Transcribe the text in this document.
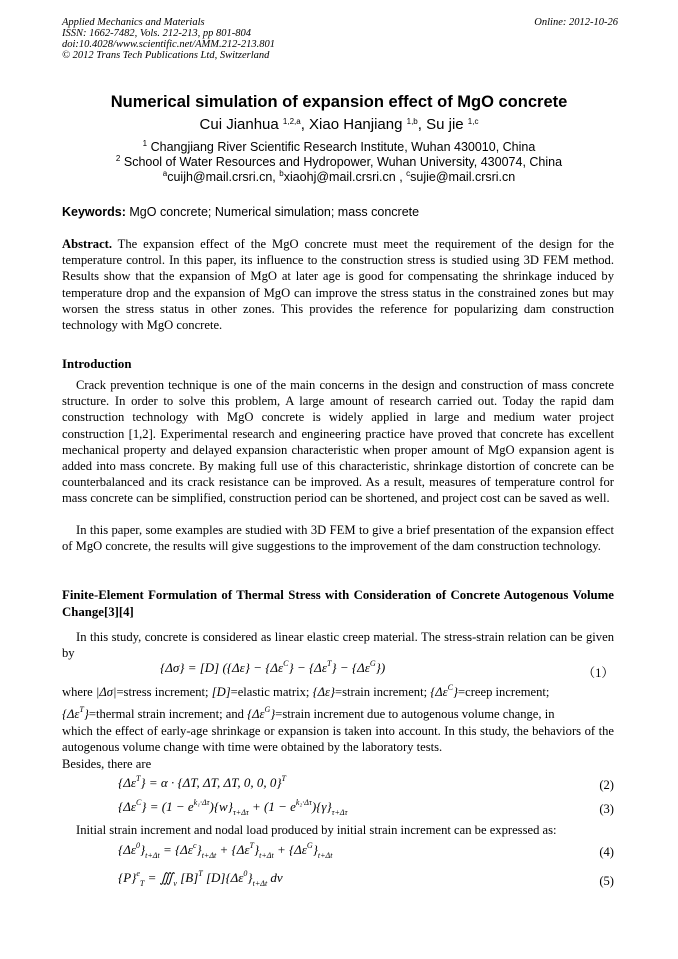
Applied Mechanics and Materials
ISSN: 1662-7482, Vols. 212-213, pp 801-804
doi:10.4028/www.scientific.net/AMM.212-213.801
© 2012 Trans Tech Publications Ltd, Switzerland
Online: 2012-10-26
Numerical simulation of expansion effect of MgO concrete
Cui Jianhua $^{1,2,a}$, Xiao Hanjiang $^{1,b}$, Su jie $^{1,c}$
$^1$ Changjiang River Scientific Research Institute, Wuhan 430010, China
$^2$ School of Water Resources and Hydropower, Wuhan University, 430074, China
$^a$cuijh@mail.crsri.cn, $^b$xiaohj@mail.crsri.cn , $^c$sujie@mail.crsri.cn
Keywords: MgO concrete; Numerical simulation; mass concrete
Abstract. The expansion effect of the MgO concrete must meet the requirement of the design for the temperature control. In this paper, its influence to the construction stress is studied using 3D FEM method. Results show that the expansion of MgO at later age is good for compensating the shrinkage induced by temperature drop and the expansion of MgO can improve the stress status in the constrained zones but may worsen the stress status in other zones. This provides the reference for popularizing dam construction technology with MgO concrete.
Introduction
Crack prevention technique is one of the main concerns in the design and construction of mass concrete structure. In order to solve this problem, A large amount of research carried out. Today the rapid dam construction technology with MgO concrete is widely applied in large and medium water project construction [1,2]. Experimental research and engineering practice have proved that concrete has excellent mechanical property and delayed expansion characteristic when proper amount of MgO expansion agent is added into mass concrete. By making full use of this characteristic, shrinkage distortion of concrete can be counterbalanced and its crack resistance can be improved. As a result, measures of temperature control for mass concrete can be simplified, construction period can be shortened, and project cost can be saved as well.
In this paper, some examples are studied with 3D FEM to give a brief presentation of the expansion effect of MgO concrete, the results will give suggestions to the improvement of the dam construction technology.
Finite-Element Formulation of Thermal Stress with Consideration of Concrete Autogenous Volume Change[3][4]
In this study, concrete is considered as linear elastic creep material. The stress-strain relation can be given by
{Δσ} = [D] $(\{\Delta\varepsilon\} - \{\Delta\varepsilon^C\} - \{\Delta\varepsilon^T\} - \{\Delta\varepsilon^G\})$	（1）
where |Δσ|=stress increment; [D]=elastic matrix; {Δε}=strain increment; $\{\Delta\varepsilon^C\}=creep$ increment;
$\{\Delta\varepsilon^T\}=thermal$ strain increment; and $\{\Delta\varepsilon^G\}=strain$ increment due to autogenous volume change, in
which the effect of early-age shrinkage or expansion is taken into account. In this study, the behaviors of the autogenous volume change with time were obtained by the laboratory tests.
Besides, there are
$\{\Delta\varepsilon^T\} = \alpha \cdot \{\Delta T$, ΔT, ΔT, 0, 0, 0}$^T$	(2)
$\{\Delta\varepsilon^C\} = (1 - e^{k_1\cdot\Delta\tau})\{w\}_{\tau+\Delta\tau} + (1 - e^{k_2\cdot\Delta\tau})\{\gamma\}_{\tau+\Delta\tau}$	(3)
Initial strain increment and nodal load produced by initial strain increment can be expressed as:
$\{\Delta\varepsilon^0\}_{t+\Delta t} = \{\Delta\varepsilon^c\}_{t+\Delta t} + \{\Delta\varepsilon^T\}_{t+\Delta t} + \{\Delta\varepsilon^G\}_{t+\Delta t}$	(4)
$\{P\}^e_T$ = $∭_v$ $[B]^T$ $[D]\{\Delta\varepsilon^0\}_{t+\Delta t}$ dv	(5)
